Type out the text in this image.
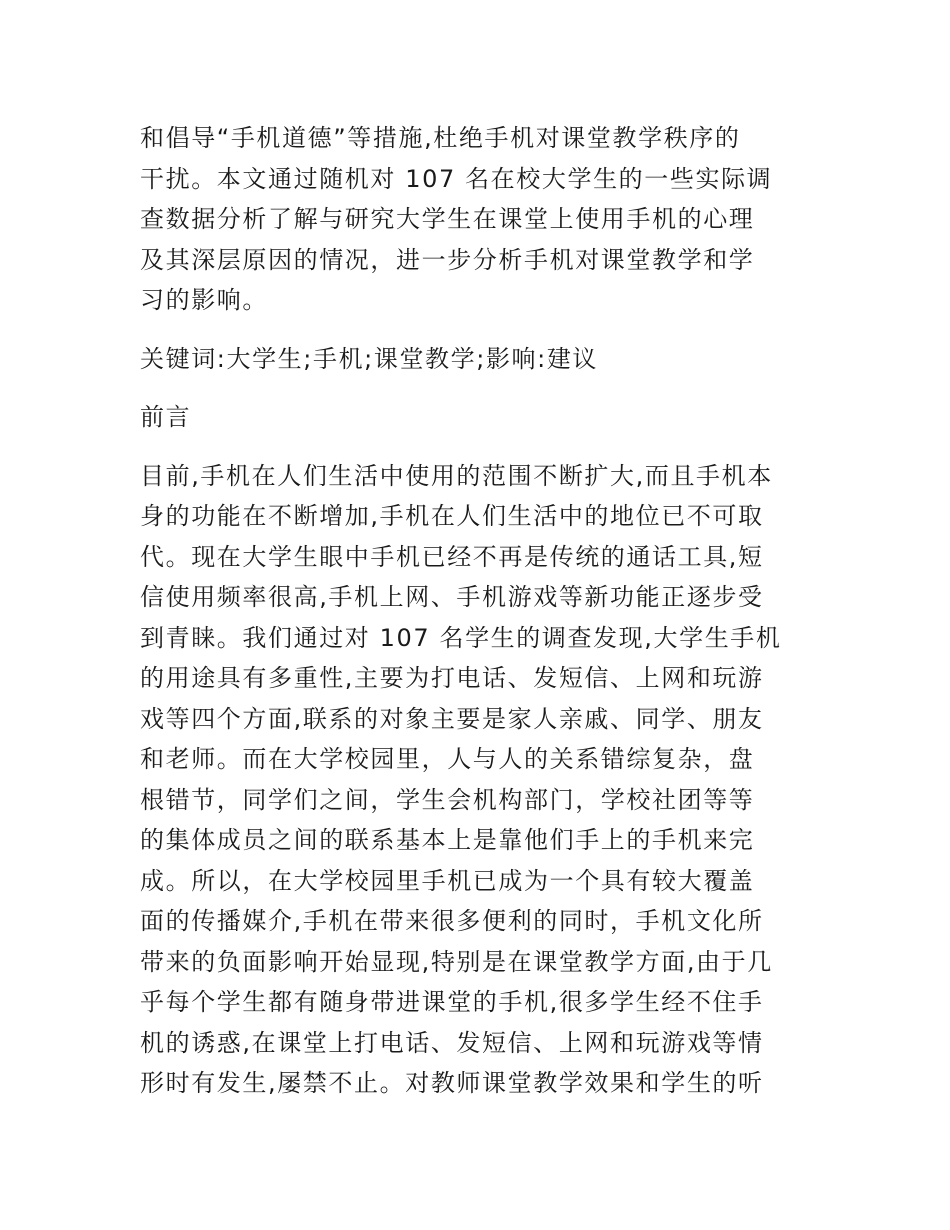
和倡导“手机道德”等措施,杜绝手机对课堂教学秩序的
干扰。本文通过随机对 107 名在校大学生的一些实际调
查数据分析了解与研究大学生在课堂上使用手机的心理
及其深层原因的情况，进一步分析手机对课堂教学和学
习的影响。
关键词:大学生;手机;课堂教学;影响:建议
前言
目前,手机在人们生活中使用的范围不断扩大,而且手机本
身的功能在不断增加,手机在人们生活中的地位已不可取
代。现在大学生眼中手机已经不再是传统的通话工具,短
信使用频率很高,手机上网、手机游戏等新功能正逐步受
到青睐。我们通过对 107 名学生的调查发现,大学生手机
的用途具有多重性,主要为打电话、发短信、上网和玩游
戏等四个方面,联系的对象主要是家人亲戚、同学、朋友
和老师。而在大学校园里，人与人的关系错综复杂，盘
根错节，同学们之间，学生会机构部门，学校社团等等
的集体成员之间的联系基本上是靠他们手上的手机来完
成。所以，在大学校园里手机已成为一个具有较大覆盖
面的传播媒介,手机在带来很多便利的同时，手机文化所
带来的负面影响开始显现,特别是在课堂教学方面,由于几
乎每个学生都有随身带进课堂的手机,很多学生经不住手
机的诱惑,在课堂上打电话、发短信、上网和玩游戏等情
形时有发生,屡禁不止。对教师课堂教学效果和学生的听
